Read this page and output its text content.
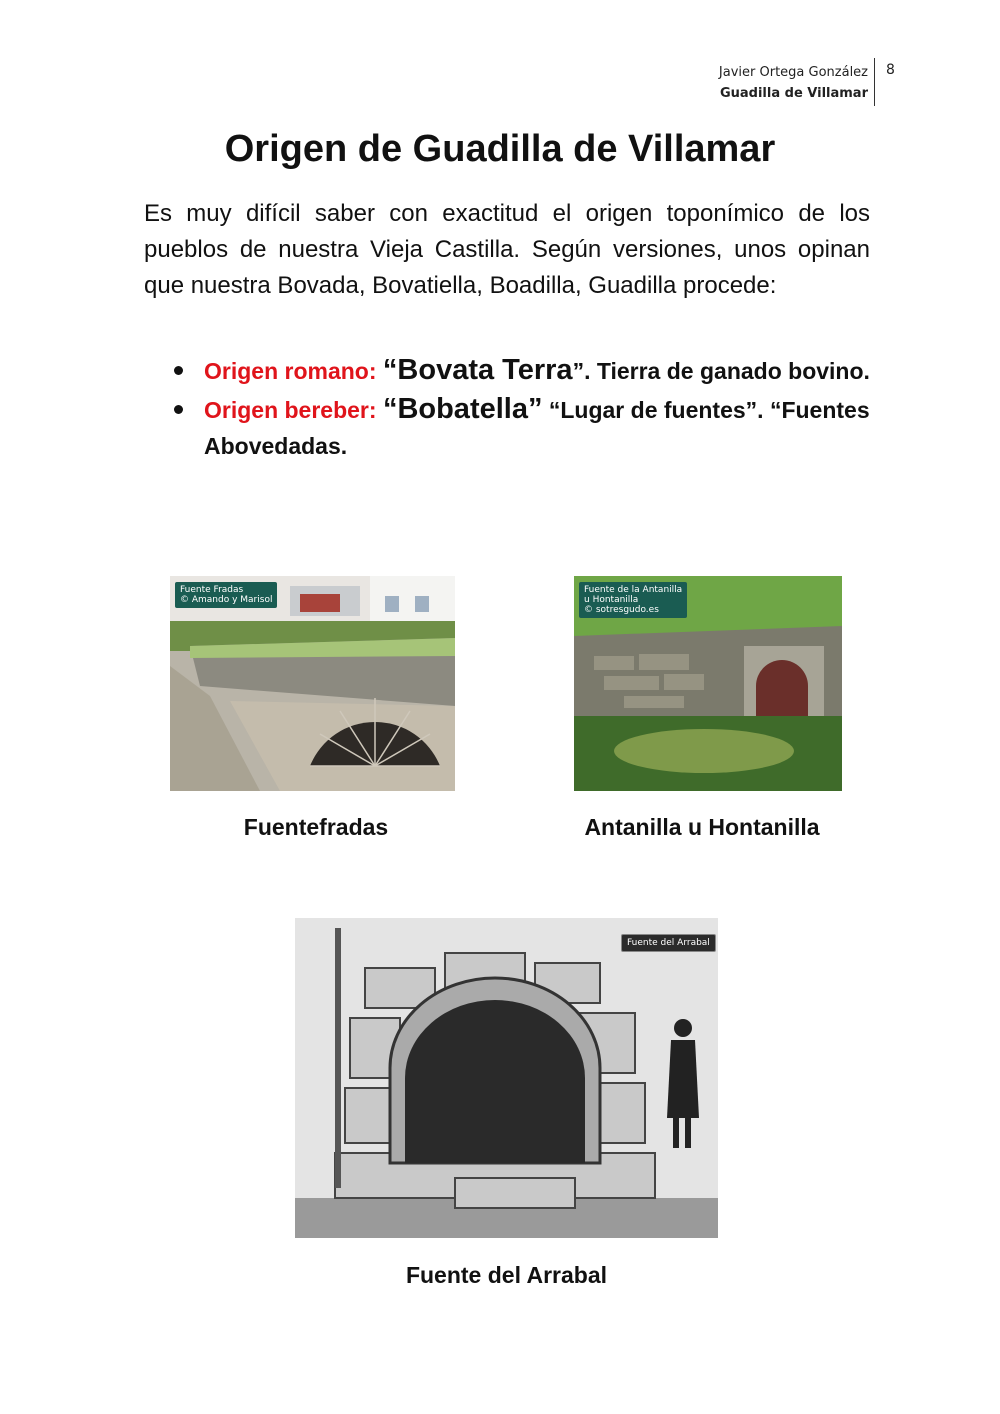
Javier Ortega González
Guadilla de Villamar
8
Origen de Guadilla de Villamar

Es muy difícil saber con exactitud el origen toponímico de los pueblos de nuestra Vieja Castilla. Según versiones, unos opinan que nuestra Bovada, Bovatiella, Boadilla, Guadilla procede:

Origen romano: “Bovata Terra”. Tierra de ganado bovino.
Origen bereber: “Bobatella” “Lugar de fuentes”. “Fuentes Abovedadas.
Fuente Fradas
© Amando y Marisol
Fuentefradas
Fuente de la Antanilla
u Hontanilla
© sotresgudo.es
Antanilla u Hontanilla
Fuente del Arrabal
Fuente del Arrabal
